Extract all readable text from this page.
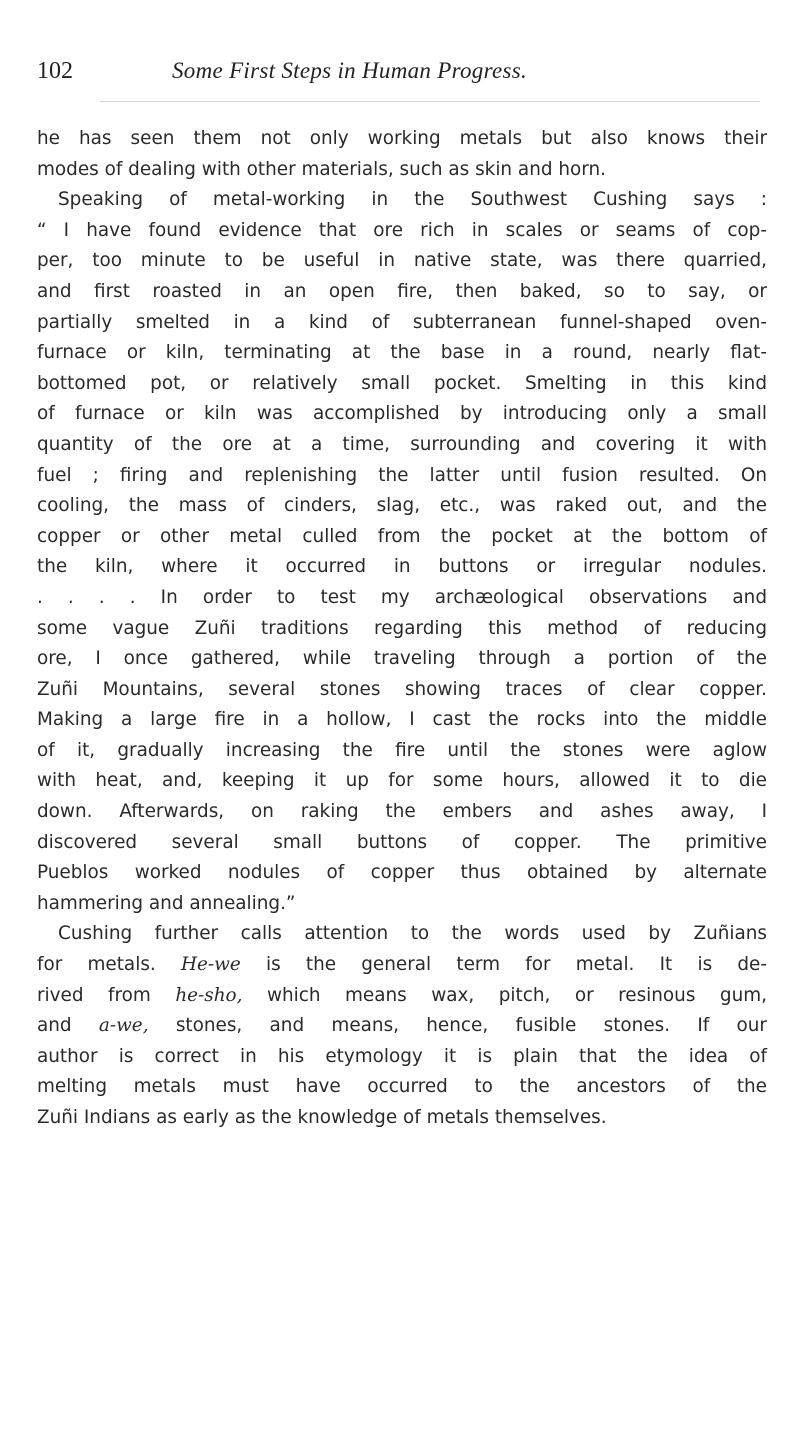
102	Some First Steps in Human Progress.
he has seen them not only working metals but also knows their
modes of dealing with other materials, such as skin and horn.
Speaking of metal-working in the Southwest Cushing says :
“ I have found evidence that ore rich in scales or seams of cop-
per, too minute to be useful in native state, was there quarried,
and first roasted in an open fire, then baked, so to say, or
partially smelted in a kind of subterranean funnel-shaped oven-
furnace or kiln, terminating at the base in a round, nearly flat-
bottomed pot, or relatively small pocket. Smelting in this kind
of furnace or kiln was accomplished by introducing only a small
quantity of the ore at a time, surrounding and covering it with
fuel ; firing and replenishing the latter until fusion resulted. On
cooling, the mass of cinders, slag, etc., was raked out, and the
copper or other metal culled from the pocket at the bottom of
the kiln, where it occurred in buttons or irregular nodules.
. . . . In order to test my archæological observations and
some vague Zuñi traditions regarding this method of reducing
ore, I once gathered, while traveling through a portion of the
Zuñi Mountains, several stones showing traces of clear copper.
Making a large fire in a hollow, I cast the rocks into the middle
of it, gradually increasing the fire until the stones were aglow
with heat, and, keeping it up for some hours, allowed it to die
down. Afterwards, on raking the embers and ashes away, I
discovered several small buttons of copper. The primitive
Pueblos worked nodules of copper thus obtained by alternate
hammering and annealing.”
Cushing further calls attention to the words used by Zuñians
for metals. He-we is the general term for metal. It is de-
rived from he-sho, which means wax, pitch, or resinous gum,
and a-we, stones, and means, hence, fusible stones. If our
author is correct in his etymology it is plain that the idea of
melting metals must have occurred to the ancestors of the
Zuñi Indians as early as the knowledge of metals themselves.
